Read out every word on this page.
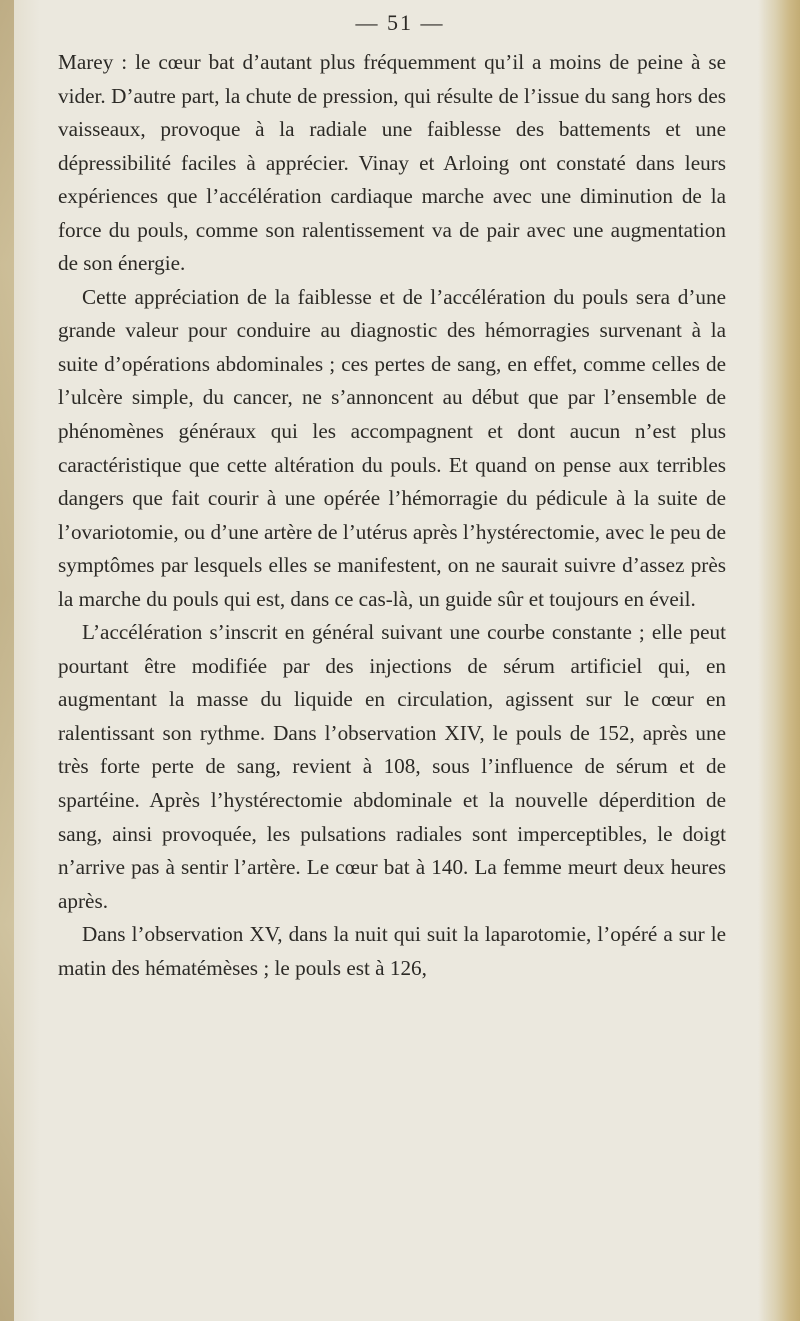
— 51 —

Marey : le cœur bat d’autant plus fréquemment qu’il a moins de peine à se vider. D’autre part, la chute de pression, qui résulte de l’issue du sang hors des vaisseaux, provoque à la radiale une faiblesse des battements et une dépressibilité faciles à apprécier. Vinay et Arloing ont constaté dans leurs expériences que l’accélération cardiaque marche avec une diminution de la force du pouls, comme son ralentissement va de pair avec une augmentation de son énergie.

Cette appréciation de la faiblesse et de l’accélération du pouls sera d’une grande valeur pour conduire au diagnostic des hémorragies survenant à la suite d’opérations abdominales ; ces pertes de sang, en effet, comme celles de l’ulcère simple, du cancer, ne s’annoncent au début que par l’ensemble de phénomènes généraux qui les accompagnent et dont aucun n’est plus caractéristique que cette altération du pouls. Et quand on pense aux terribles dangers que fait courir à une opérée l’hémorragie du pédicule à la suite de l’ovariotomie, ou d’une artère de l’utérus après l’hystérectomie, avec le peu de symptômes par lesquels elles se manifestent, on ne saurait suivre d’assez près la marche du pouls qui est, dans ce cas-là, un guide sûr et toujours en éveil.

L’accélération s’inscrit en général suivant une courbe constante ; elle peut pourtant être modifiée par des injections de sérum artificiel qui, en augmentant la masse du liquide en circulation, agissent sur le cœur en ralentissant son rythme. Dans l’observation XIV, le pouls de 152, après une très forte perte de sang, revient à 108, sous l’influence de sérum et de spartéine. Après l’hystérectomie abdominale et la nouvelle déperdition de sang, ainsi provoquée, les pulsations radiales sont imperceptibles, le doigt n’arrive pas à sentir l’artère. Le cœur bat à 140. La femme meurt deux heures après.

Dans l’observation XV, dans la nuit qui suit la laparotomie, l’opéré a sur le matin des hématémèses ; le pouls est à 126,
